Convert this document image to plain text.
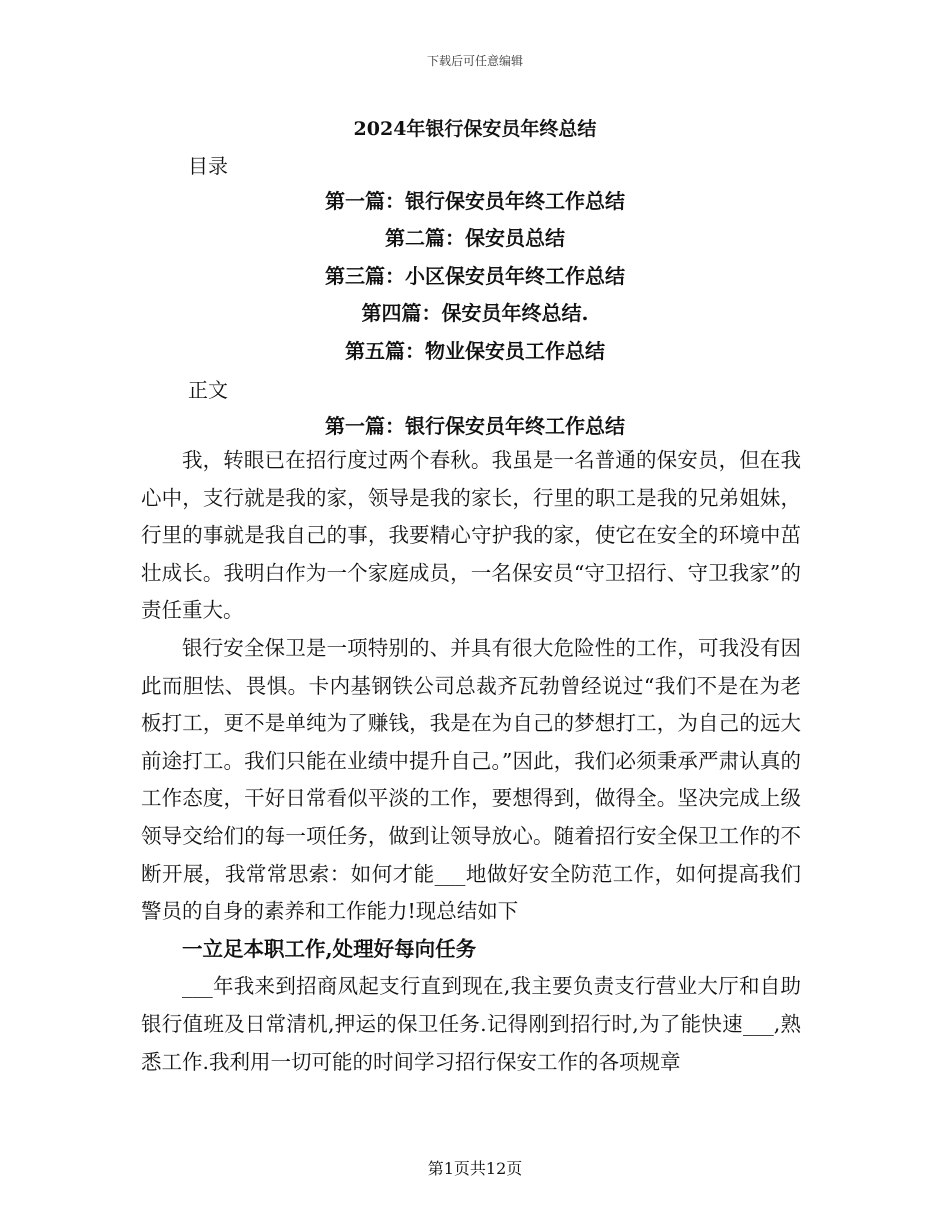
下载后可任意编辑
2024年银行保安员年终总结
目录
第一篇：银行保安员年终工作总结
第二篇：保安员总结
第三篇：小区保安员年终工作总结
第四篇：保安员年终总结.
第五篇：物业保安员工作总结
正文
第一篇：银行保安员年终工作总结

我，转眼已在招行度过两个春秋。我虽是一名普通的保安员，但在我心中，支行就是我的家，领导是我的家长，行里的职工是我的兄弟姐妹，行里的事就是我自己的事，我要精心守护我的家，使它在安全的环境中茁壮成长。我明白作为一个家庭成员，一名保安员“守卫招行、守卫我家”的责任重大。

银行安全保卫是一项特别的、并具有很大危险性的工作，可我没有因此而胆怯、畏惧。卡内基钢铁公司总裁齐瓦勃曾经说过“我们不是在为老板打工，更不是单纯为了赚钱，我是在为自己的梦想打工，为自己的远大前途打工。我们只能在业绩中提升自己。”因此，我们必须秉承严肃认真的工作态度，干好日常看似平淡的工作，要想得到，做得全。坚决完成上级领导交给们的每一项任务，做到让领导放心。随着招行安全保卫工作的不断开展，我常常思索：如何才能___地做好安全防范工作，如何提高我们警员的自身的素养和工作能力!现总结如下

一立足本职工作,处理好每向任务

___年我来到招商凤起支行直到现在,我主要负责支行营业大厅和自助银行值班及日常清机,押运的保卫任务.记得刚到招行时,为了能快速___,熟悉工作.我利用一切可能的时间学习招行保安工作的各项规章

第1页共12页
